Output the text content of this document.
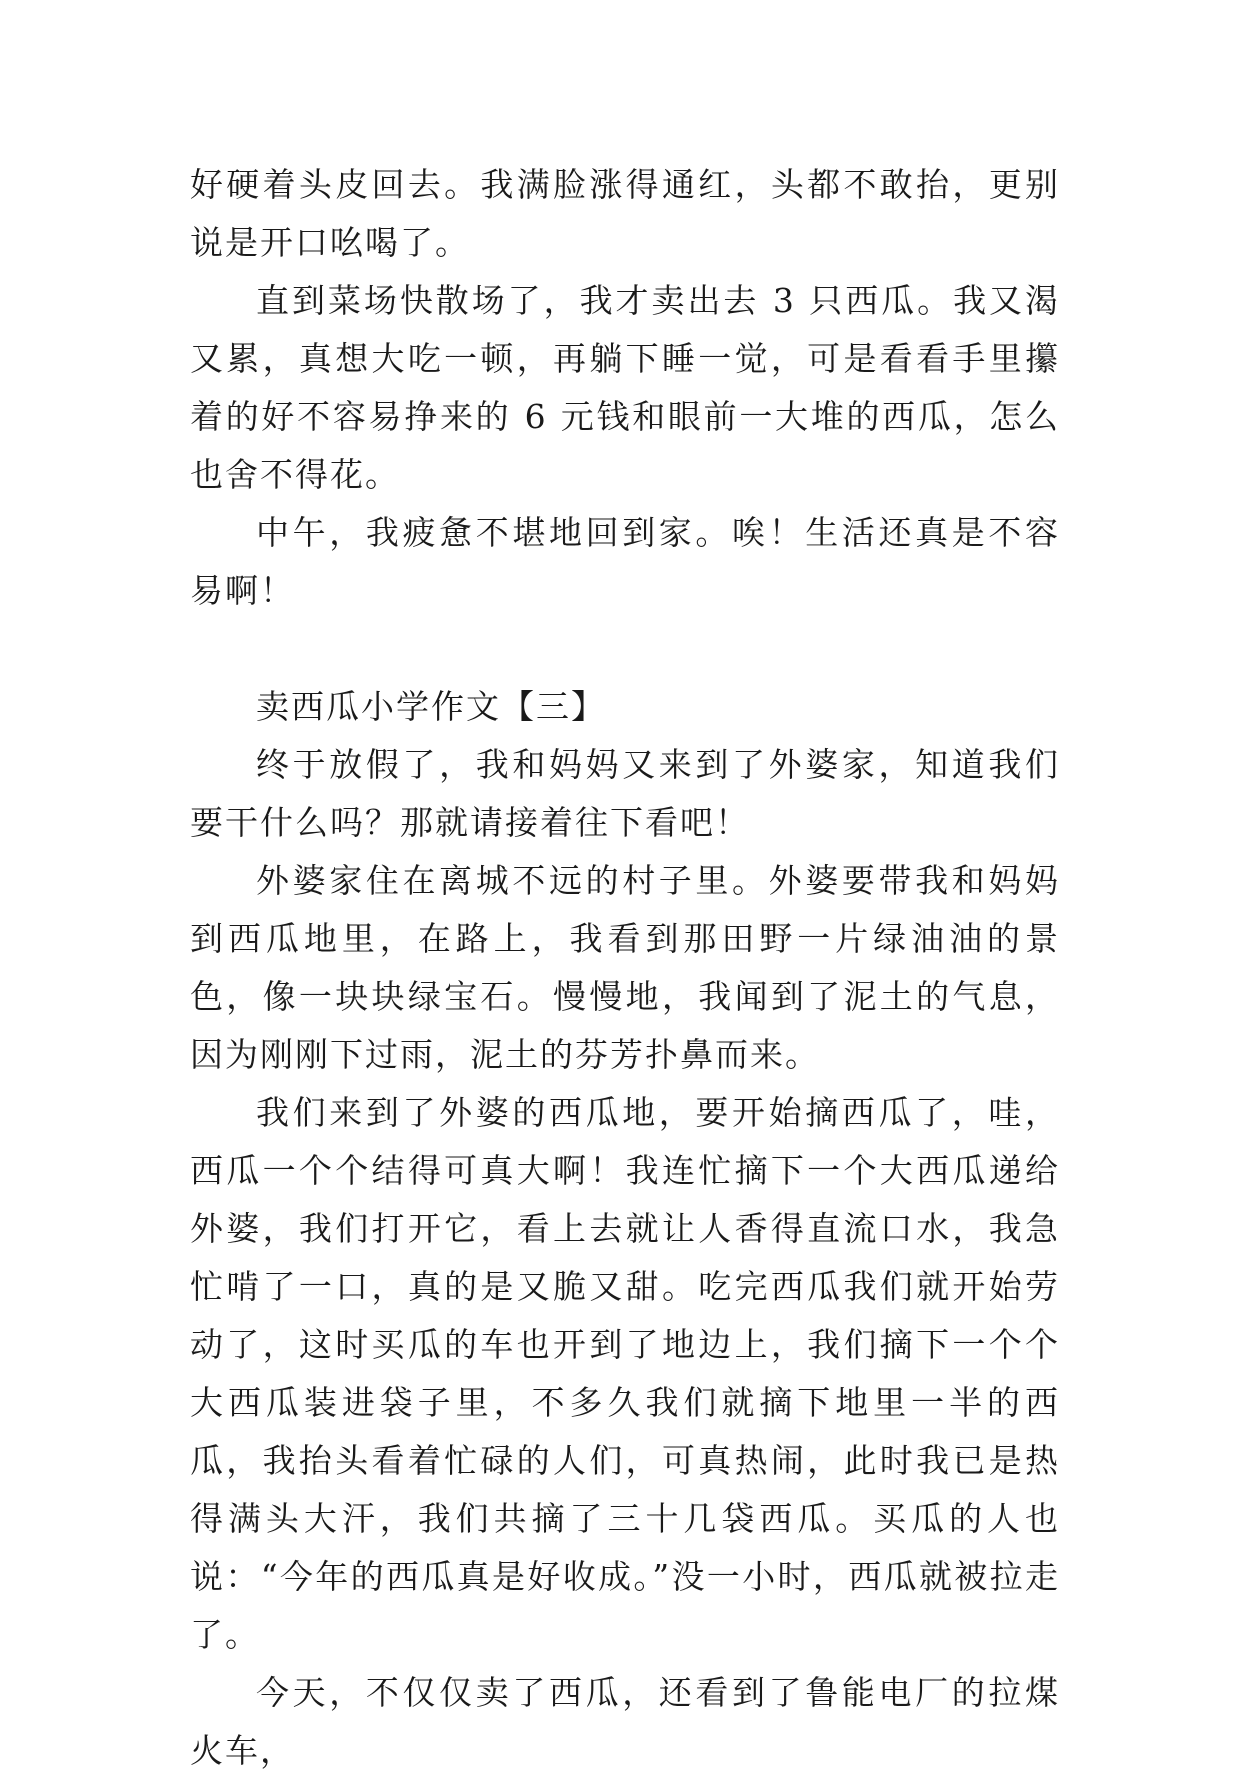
好硬着头皮回去。我满脸涨得通红，头都不敢抬，更别说是开口吆喝了。

直到菜场快散场了，我才卖出去 3 只西瓜。我又渴又累，真想大吃一顿，再躺下睡一觉，可是看看手里攥着的好不容易挣来的 6 元钱和眼前一大堆的西瓜，怎么也舍不得花。

中午，我疲惫不堪地回到家。唉！生活还真是不容易啊！

卖西瓜小学作文【三】

终于放假了，我和妈妈又来到了外婆家，知道我们要干什么吗？那就请接着往下看吧！

外婆家住在离城不远的村子里。外婆要带我和妈妈到西瓜地里，在路上，我看到那田野一片绿油油的景色，像一块块绿宝石。慢慢地，我闻到了泥土的气息，因为刚刚下过雨，泥土的芬芳扑鼻而来。

我们来到了外婆的西瓜地，要开始摘西瓜了，哇，西瓜一个个结得可真大啊！我连忙摘下一个大西瓜递给外婆，我们打开它，看上去就让人香得直流口水，我急忙啃了一口，真的是又脆又甜。吃完西瓜我们就开始劳动了，这时买瓜的车也开到了地边上，我们摘下一个个大西瓜装进袋子里，不多久我们就摘下地里一半的西瓜，我抬头看着忙碌的人们，可真热闹，此时我已是热得满头大汗，我们共摘了三十几袋西瓜。买瓜的人也说：“今年的西瓜真是好收成。”没一小时，西瓜就被拉走了。

今天，不仅仅卖了西瓜，还看到了鲁能电厂的拉煤火车，
